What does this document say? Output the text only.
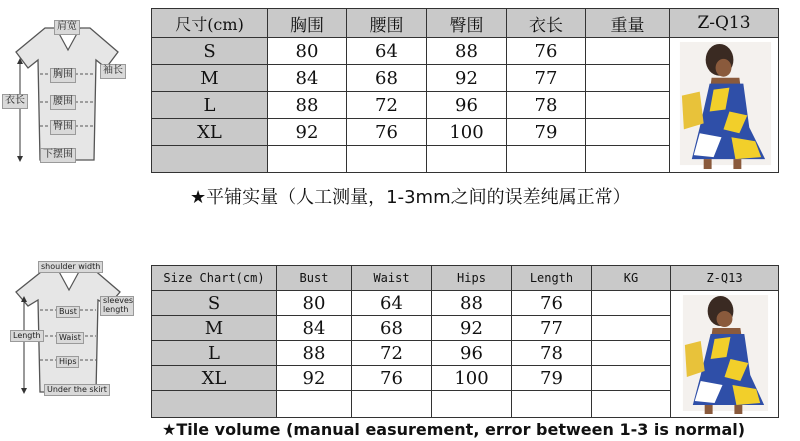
肩宽
袖长
胸围
腰围
衣长
臀围
下摆围
尺寸(cm)	胸围	腰围	臀围	衣长	重量	Z-Q13
S	80	64	88	76		

M	84	68	92	77		
L	88	72	96	78		
XL	92	76	100	79		

★平铺实量（人工测量，1-3mm之间的误差纯属正常）
shoulder width
sleeves length
Bust
Waist
Length
Hips
Under the skirt
Size Chart(cm)	Bust	Waist	Hips	Length	KG	Z-Q13
S	80	64	88	76		

M	84	68	92	77		
L	88	72	96	78		
XL	92	76	100	79		

★Tile volume (manual easurement, error between 1-3 is normal)
